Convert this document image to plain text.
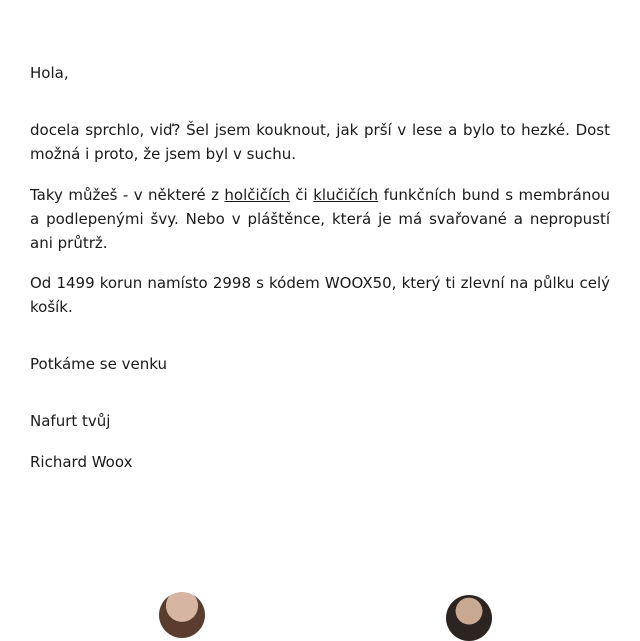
Hola,

docela sprchlo, viď? Šel jsem kouknout, jak prší v lese a bylo to hezké. Dost možná i proto, že jsem byl v suchu.

Taky můžeš - v některé z holčičích či klučičích funkčních bund s membránou a podlepenými švy. Nebo v pláštěnce, která je má svařované a nepropustí ani průtrž.

Od 1499 korun namísto 2998 s kódem WOOX50, který ti zlevní na půlku celý košík.

Potkáme se venku

Nafurt tvůj

Richard Woox
